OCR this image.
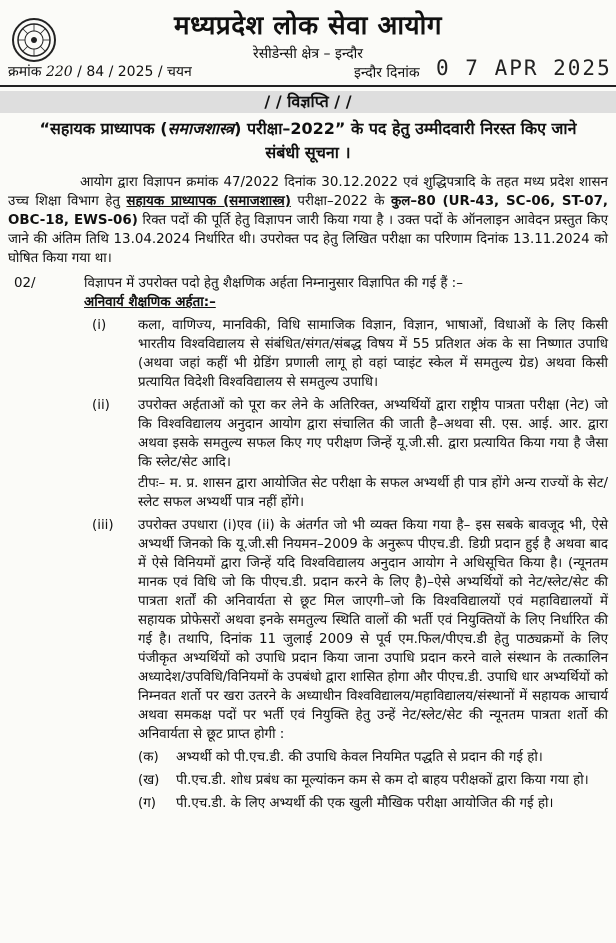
मध्यप्रदेश लोक सेवा आयोग
रेसीडेन्सी क्षेत्र – इन्दौर
क्रमांक 220 / 84 / 2025 / चयन	इन्दौर दिनांक 0 7 APR 2025
/ / विज्ञप्ति / /
“सहायक प्राध्यापक (समाजशास्त्र) परीक्षा–2022” के पद हेतु उम्मीदवारी निरस्त किए जाने संबंधी सूचना ।
आयोग द्वारा विज्ञापन क्रमांक 47/2022 दिनांक 30.12.2022 एवं शुद्धिपत्रादि के तहत मध्य प्रदेश शासन उच्च शिक्षा विभाग हेतु सहायक प्राध्यापक (समाजशास्त्र) परीक्षा–2022 के कुल–80 (UR-43, SC-06, ST-07, OBC-18, EWS-06) रिक्त पदों की पूर्ति हेतु विज्ञापन जारी किया गया है । उक्त पदों के ऑनलाइन आवेदन प्रस्तुत किए जाने की अंतिम तिथि 13.04.2024 निर्धारित थी। उपरोक्त पद हेतु लिखित परीक्षा का परिणाम दिनांक 13.11.2024 को घोषित किया गया था।
02/	विज्ञापन में उपरोक्त पदो हेतु शैक्षणिक अर्हता निम्नानुसार विज्ञापित की गई हैं :–
अनिवार्य शैक्षणिक अर्हता:–
(i) कला, वाणिज्य, मानविकी, विधि सामाजिक विज्ञान, विज्ञान, भाषाओं, विधाओं के लिए किसी भारतीय विश्वविद्यालय से संबंधित/संगत/संबद्ध विषय में 55 प्रतिशत अंक के सा निष्णात उपाधि (अथवा जहां कहीं भी ग्रेडिंग प्रणाली लागू हो वहां प्वाइंट स्केल में समतुल्य ग्रेड) अथवा किसी प्रत्यायित विदेशी विश्वविद्यालय से समतुल्य उपाधि।
(ii) उपरोक्त अर्हताओं को पूरा कर लेने के अतिरिक्त, अभ्यर्थियों द्वारा राष्ट्रीय पात्रता परीक्षा (नेट) जो कि विश्वविद्यालय अनुदान आयोग द्वारा संचालित की जाती है–अथवा सी. एस. आई. आर. द्वारा अथवा इसके समतुल्य सफल किए गए परीक्षण जिन्हें यू.जी.सी. द्वारा प्रत्यायित किया गया है जैसा कि स्लेट/सेट आदि।
टीपः– म. प्र. शासन द्वारा आयोजित सेट परीक्षा के सफल अभ्यर्थी ही पात्र होंगे अन्य राज्यों के सेट/स्लेट सफल अभ्यर्थी पात्र नहीं होंगे।
(iii) उपरोक्त उपधारा (i)एव (ii) के अंतर्गत जो भी व्यक्त किया गया है– इस सबके बावजूद भी, ऐसे अभ्यर्थी जिनको कि यू.जी.सी नियमन–2009 के अनुरूप पीएच.डी. डिग्री प्रदान हुई है अथवा बाद में ऐसे विनियमों द्वारा जिन्हें यदि विश्वविद्यालय अनुदान आयोग ने अधिसूचित किया है। (न्यूनतम मानक एवं विधि जो कि पीएच.डी. प्रदान करने के लिए है)–ऐसे अभ्यर्थियों को नेट/स्लेट/सेट की पात्रता शर्तों की अनिवार्यता से छूट मिल जाएगी–जो कि विश्वविद्यालयों एवं महाविद्यालयों में सहायक प्रोफेसरों अथवा इनके समतुल्य स्थिति वालों की भर्ती एवं नियुक्तियों के लिए निर्धारित की गई है। तथापि, दिनांक 11 जुलाई 2009 से पूर्व एम.फिल/पीएच.डी हेतु पाठ्यक्रमों के लिए पंजीकृत अभ्यर्थियों को उपाधि प्रदान किया जाना उपाधि प्रदान करने वाले संस्थान के तत्कालिन अध्यादेश/उपविधि/विनियमों के उपबंधो द्वारा शासित होगा और पीएच.डी. उपाधि धार अभ्यर्थियों को निम्नवत शर्तो पर खरा उतरने के अध्याधीन विश्वविद्यालय/महाविद्यालय/संस्थानों में सहायक आचार्य अथवा समकक्ष पदों पर भर्ती एवं नियुक्ति हेतु उन्हें नेट/स्लेट/सेट की न्यूनतम पात्रता शर्तो की अनिवार्यता से छूट प्राप्त होगी :
(क) अभ्यर्थी को पी.एच.डी. की उपाधि केवल नियमित पद्धति से प्रदान की गई हो।
(ख) पी.एच.डी. शोध प्रबंध का मूल्यांकन कम से कम दो बाहय परीक्षकों द्वारा किया गया हो।
(ग) पी.एच.डी. के लिए अभ्यर्थी की एक खुली मौखिक परीक्षा आयोजित की गई हो।
